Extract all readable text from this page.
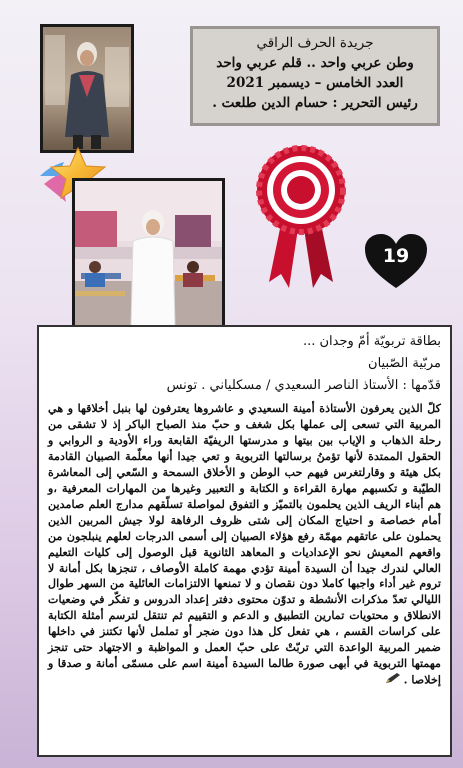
جريدة الحرف الراقي
وطن عربي واحد .. قلم عربي واحد
العدد الخامس – ديسمبر 2021
رئيس التحرير : حسام الدين طلعت .
19
بطاقة تربويّة أمّ وجدان ...
مربّية الصّبيان
قدّمها : الأستاذ الناصر السعيدي / مسكلياني . تونس
كلّ الذين يعرفون الأستاذة أمينة السعيدي و عاشروها يعترفون لها بنبل أخلاقها و هي المربية التي تسعى إلى عملها بكل شغف و حبّ منذ الصباح الباكر إذ لا تشقى من رحلة الذهاب و الإياب بين بيتها و مدرستها الريفيّة القابعة وراء الأودية و الروابي و الحقول الممتدة لأنها تؤمنُ برسالتها التربوية و تعي جيدا أنها معلّمة الصبيان القادمة بكل هيئة و وقارلتغرس فيهم حب الوطن و الأخلاق السمحة و السّعي إلى المعاشرة الطيّبة و تكسبهم مهارة القراءة و الكتابة و التعبير وغيرها من المهارات المعرفية ،و هم أبناء الريف الذين يحلمون بالتميّز و التفوق لمواصلة تسلّقهم مدارج العلم صامدين أمام خصاصة و احتياج المكان إلى شتى ظروف الرفاهة لولا جيش المربين الذين يحملون على عاتقهم مهمّة رفع هؤلاء الصبيان إلى أسمى الدرجات لعلهم ينبلجون من واقعهم المعيش نحو الإعداديات و المعاهد الثانوية قبل الوصول إلى كليات التعليم العالي لندرك جيدا أن السيدة أمينة تؤدي مهمة كاملة الأوصاف ، تنجزها بكل أمانة لا تروم غير أداء واجبها كاملا دون نقصان و لا تمنعها الالتزامات العائلية من السهر طوال الليالي تعدّ مذكرات الأنشطة و تدوّن محتوى دفتر إعداد الدروس و تفكّر في وضعيات الانطلاق و محتويات تمارين التطبيق و الدعم و التقييم ثم تنتقل لترسم أمثلة الكتابة على كراسات القسم ، هي تفعل كل هذا دون ضجر أو تململ لأنها تكتنز في داخلها ضمير المربية الواعدة التي تربّتْ على حبّ العمل و المواظبة و الاجتهاد حتى تنجز مهمتها التربوية في أبهى صورة طالما السيدة أمينة اسم على مسمّى أمانة و صدقا و إخلاصا .
